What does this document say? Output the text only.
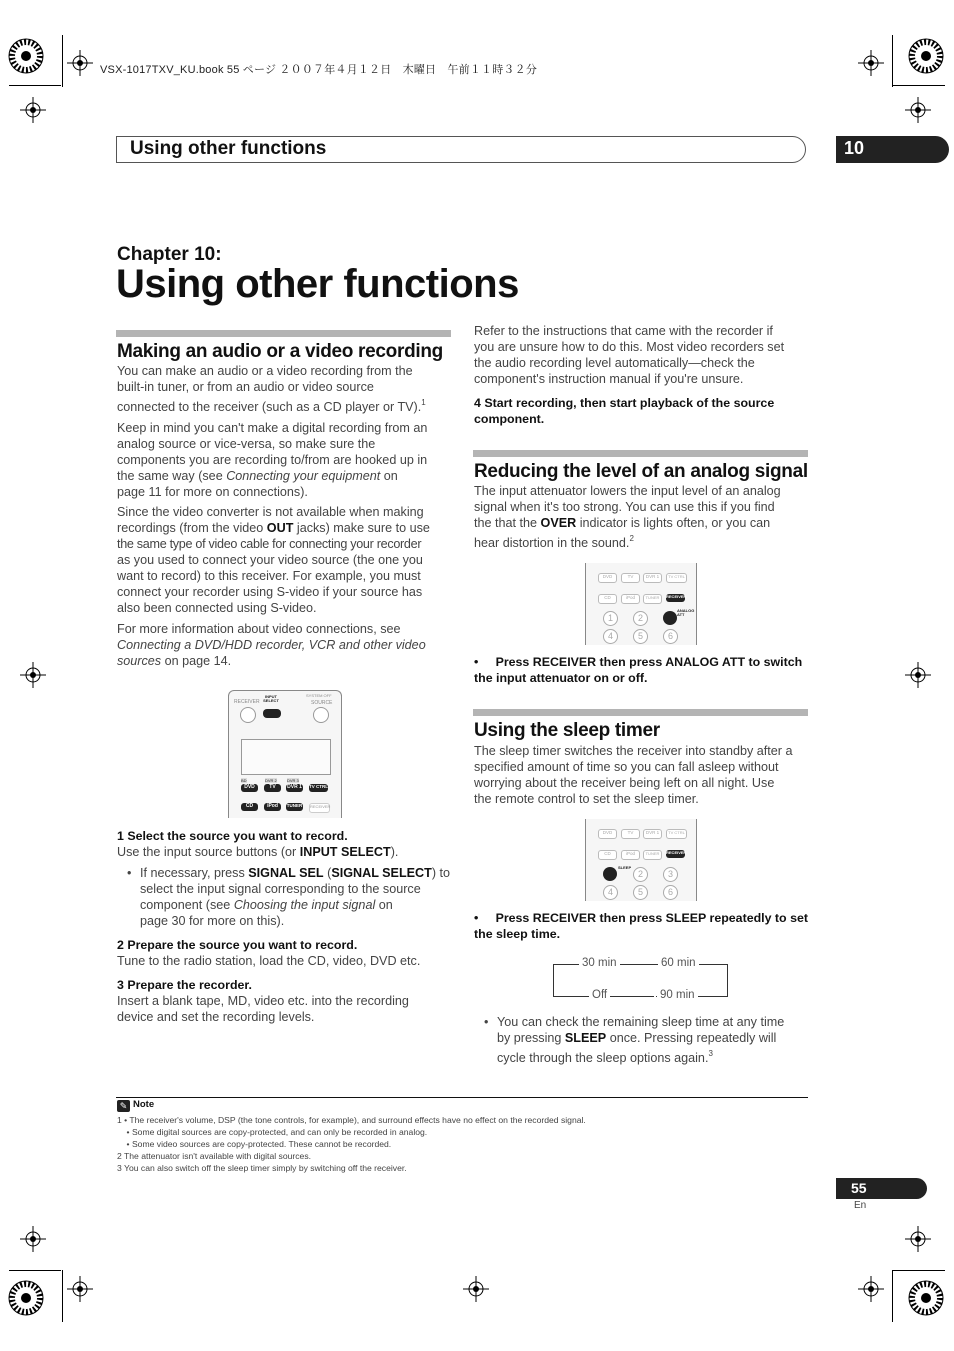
VSX-1017TXV_KU.book 55 ページ ２００７年４月１２日　木曜日　午前１１時３２分
Using other functions	10
Chapter 10:
Using other functions
Making an audio or a video recording

You can make an audio or a video recording from the
built-in tuner, or from an audio or video source
connected to the receiver (such as a CD player or TV).$^1$

Keep in mind you can't make a digital recording from an
analog source or vice-versa, so make sure the
components you are recording to/from are hooked up in
the same way (see Connecting your equipment on
page 11 for more on connections).

Since the video converter is not available when making
recordings (from the video OUT jacks) make sure to use
the same type of video cable for connecting your recorder
as you used to connect your video source (the one you
want to record) to this receiver. For example, you must
connect your recorder using S-video if your source has
also been connected using S-video.

For more information about video connections, see
Connecting a DVD/HDD recorder, VCR and other video
sources on page 14.

RECEIVER
SYSTEM OFF
SOURCE
INPUT SELECT
BD	DVR 2	DVR 3
DVD	TV	DVR 1 TV CTRL
CD	iPod	TUNER RECEIVER

1 Select the source you want to record.

Use the input source buttons (or INPUT SELECT).

• If necessary, press SIGNAL SEL (SIGNAL SELECT) to
select the input signal corresponding to the source
component (see Choosing the input signal on
page 30 for more on this).

2 Prepare the source you want to record.

Tune to the radio station, load the CD, video, DVD etc.

3 Prepare the recorder.

Insert a blank tape, MD, video etc. into the recording
device and set the recording levels.

Refer to the instructions that came with the recorder if
you are unsure how to do this. Most video recorders set
the audio recording level automatically—check the
component's instruction manual if you're unsure.

4 Start recording, then start playback of the source
component.

Reducing the level of an analog signal

The input attenuator lowers the input level of an analog
signal when it's too strong. You can use this if you find
the that the OVER indicator is lights often, or you can
hear distortion in the sound.$^2$

DVD	TV	DVR 1	TV CTRL
CD	iPod	TUNER	RECEIVER
ANALOG ATT
1	2
4	5	6

•     Press RECEIVER then press ANALOG ATT to switch
the input attenuator on or off.

Using the sleep timer

The sleep timer switches the receiver into standby after a
specified amount of time so you can fall asleep without
worrying about the receiver being left on all night. Use
the remote control to set the sleep timer.

DVD	TV	DVR 1	TV CTRL
CD	iPod	TUNER	RECEIVER
SLEEP
2	3
4	5	6

•     Press RECEIVER then press SLEEP repeatedly to set
the sleep time.

30 min	60 min
90 min
Off

• You can check the remaining sleep time at any time
by pressing SLEEP once. Pressing repeatedly will
cycle through the sleep options again.$^3$

✎ Note
1 • The receiver's volume, DSP (the tone controls, for example), and surround effects have no effect on the recorded signal.
• Some digital sources are copy-protected, and can only be recorded in analog.
• Some video sources are copy-protected. These cannot be recorded.
2 The attenuator isn't available with digital sources.
3 You can also switch off the sleep timer simply by switching off the receiver.
55
En
